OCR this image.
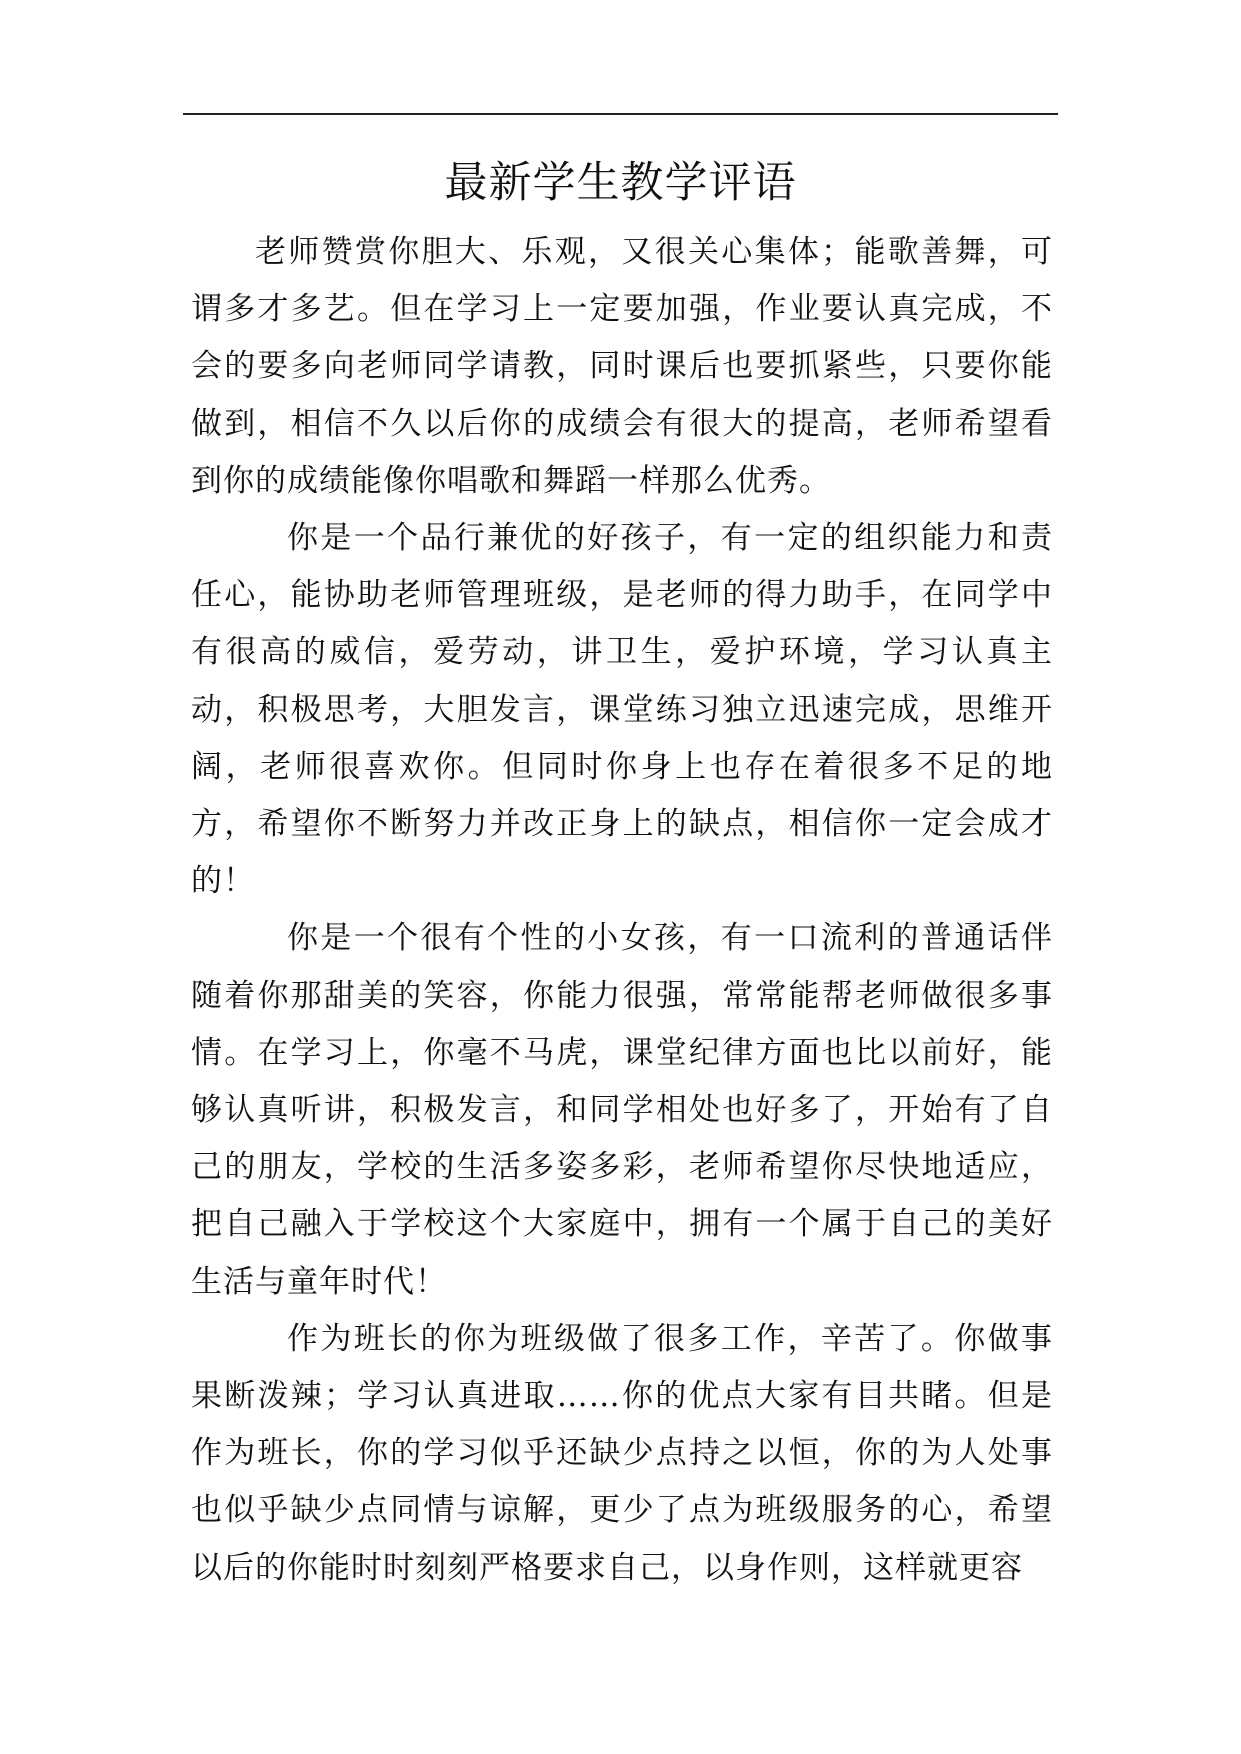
最新学生教学评语

老师赞赏你胆大、乐观，又很关心集体；能歌善舞，可谓多才多艺。但在学习上一定要加强，作业要认真完成，不会的要多向老师同学请教，同时课后也要抓紧些，只要你能做到，相信不久以后你的成绩会有很大的提高，老师希望看到你的成绩能像你唱歌和舞蹈一样那么优秀。

你是一个品行兼优的好孩子，有一定的组织能力和责任心，能协助老师管理班级，是老师的得力助手，在同学中有很高的威信，爱劳动，讲卫生，爱护环境，学习认真主动，积极思考，大胆发言，课堂练习独立迅速完成，思维开阔，老师很喜欢你。但同时你身上也存在着很多不足的地方，希望你不断努力并改正身上的缺点，相信你一定会成才的！

你是一个很有个性的小女孩，有一口流利的普通话伴随着你那甜美的笑容，你能力很强，常常能帮老师做很多事情。在学习上，你毫不马虎，课堂纪律方面也比以前好，能够认真听讲，积极发言，和同学相处也好多了，开始有了自己的朋友，学校的生活多姿多彩，老师希望你尽快地适应，把自己融入于学校这个大家庭中，拥有一个属于自己的美好生活与童年时代！

作为班长的你为班级做了很多工作，辛苦了。你做事果断泼辣；学习认真进取……你的优点大家有目共睹。但是作为班长，你的学习似乎还缺少点持之以恒，你的为人处事也似乎缺少点同情与谅解，更少了点为班级服务的心，希望以后的你能时时刻刻严格要求自己，以身作则，这样就更容
